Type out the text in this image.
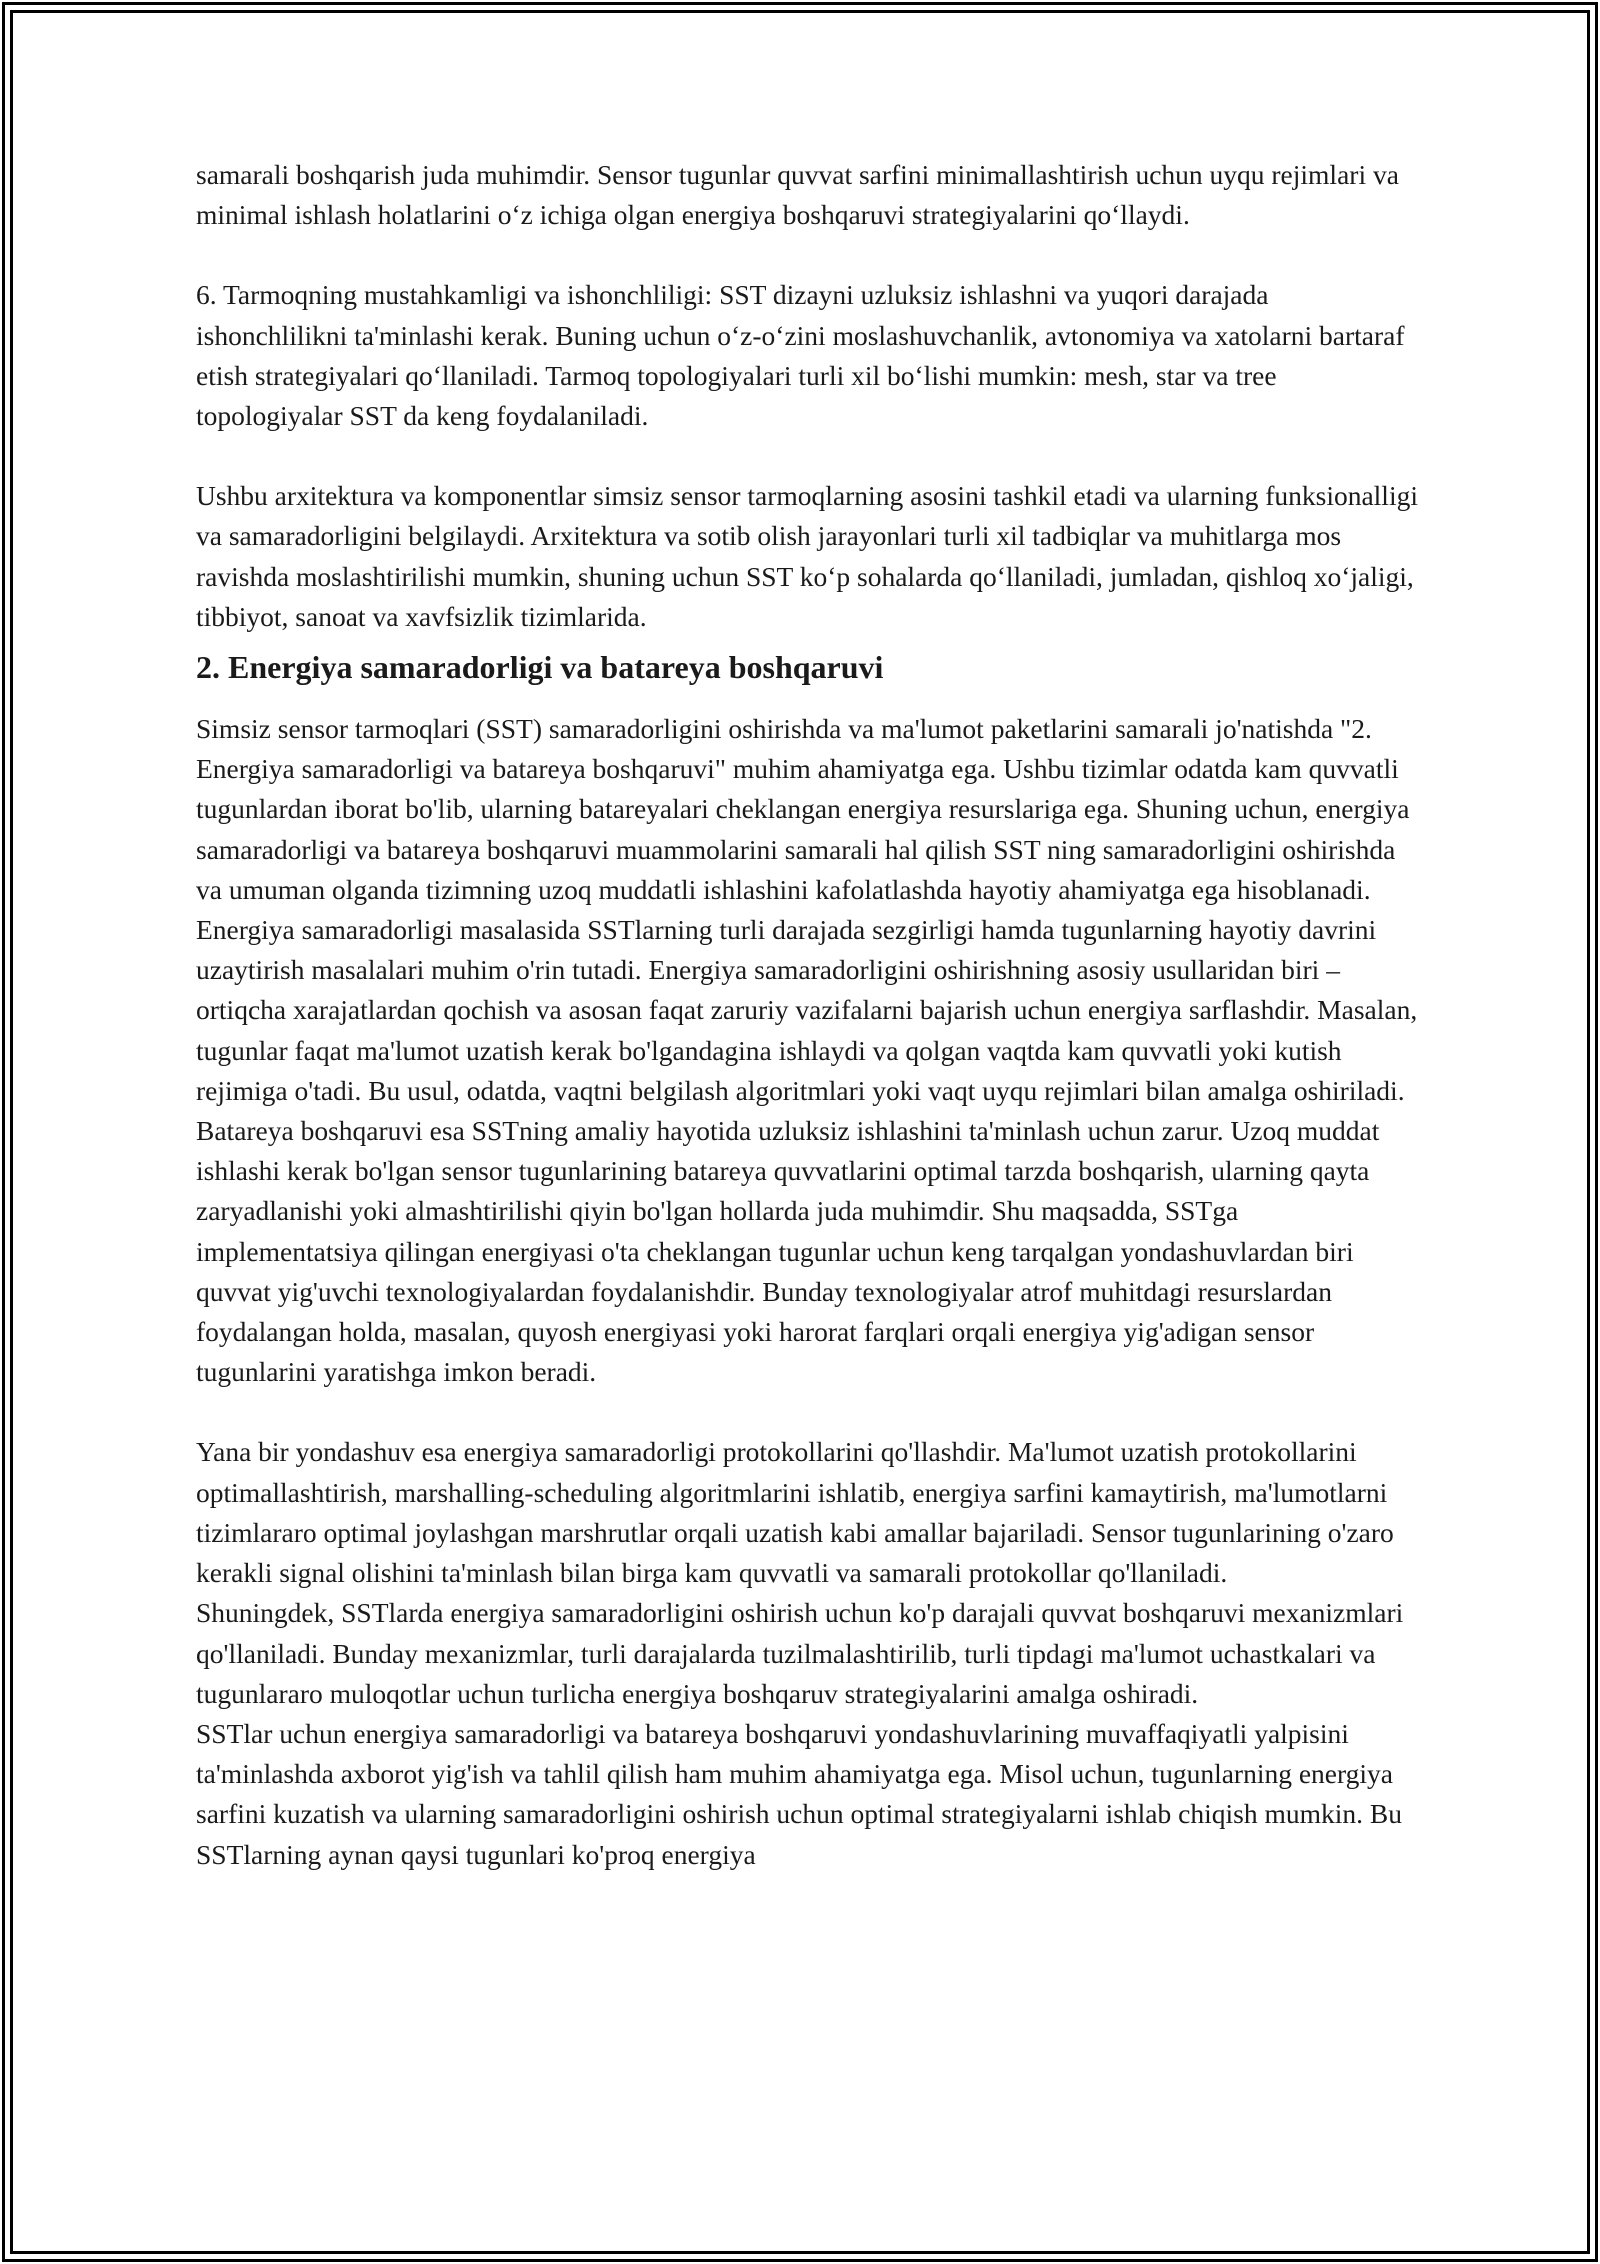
samarali boshqarish juda muhimdir. Sensor tugunlar quvvat sarfini minimallashtirish uchun uyqu rejimlari va minimal ishlash holatlarini o‘z ichiga olgan energiya boshqaruvi strategiyalarini qo‘llaydi.

6. Tarmoqning mustahkamligi va ishonchliligi: SST dizayni uzluksiz ishlashni va yuqori darajada ishonchlilikni ta'minlashi kerak. Buning uchun o‘z-o‘zini moslashuvchanlik, avtonomiya va xatolarni bartaraf etish strategiyalari qo‘llaniladi. Tarmoq topologiyalari turli xil bo‘lishi mumkin: mesh, star va tree topologiyalar SST da keng foydalaniladi.

Ushbu arxitektura va komponentlar simsiz sensor tarmoqlarning asosini tashkil etadi va ularning funksionalligi va samaradorligini belgilaydi. Arxitektura va sotib olish jarayonlari turli xil tadbiqlar va muhitlarga mos ravishda moslashtirilishi mumkin, shuning uchun SST ko‘p sohalarda qo‘llaniladi, jumladan, qishloq xo‘jaligi, tibbiyot, sanoat va xavfsizlik tizimlarida.

2. Energiya samaradorligi va batareya boshqaruvi

Simsiz sensor tarmoqlari (SST) samaradorligini oshirishda va ma'lumot paketlarini samarali jo'natishda "2. Energiya samaradorligi va batareya boshqaruvi" muhim ahamiyatga ega. Ushbu tizimlar odatda kam quvvatli tugunlardan iborat bo'lib, ularning batareyalari cheklangan energiya resurslariga ega. Shuning uchun, energiya samaradorligi va batareya boshqaruvi muammolarini samarali hal qilish SST ning samaradorligini oshirishda va umuman olganda tizimning uzoq muddatli ishlashini kafolatlashda hayotiy ahamiyatga ega hisoblanadi.

Energiya samaradorligi masalasida SSTlarning turli darajada sezgirligi hamda tugunlarning hayotiy davrini uzaytirish masalalari muhim o'rin tutadi. Energiya samaradorligini oshirishning asosiy usullaridan biri – ortiqcha xarajatlardan qochish va asosan faqat zaruriy vazifalarni bajarish uchun energiya sarflashdir. Masalan, tugunlar faqat ma'lumot uzatish kerak bo'lgandagina ishlaydi va qolgan vaqtda kam quvvatli yoki kutish rejimiga o'tadi. Bu usul, odatda, vaqtni belgilash algoritmlari yoki vaqt uyqu rejimlari bilan amalga oshiriladi.

Batareya boshqaruvi esa SSTning amaliy hayotida uzluksiz ishlashini ta'minlash uchun zarur. Uzoq muddat ishlashi kerak bo'lgan sensor tugunlarining batareya quvvatlarini optimal tarzda boshqarish, ularning qayta zaryadlanishi yoki almashtirilishi qiyin bo'lgan hollarda juda muhimdir. Shu maqsadda, SSTga implementatsiya qilingan energiyasi o'ta cheklangan tugunlar uchun keng tarqalgan yondashuvlardan biri quvvat yig'uvchi texnologiyalardan foydalanishdir. Bunday texnologiyalar atrof muhitdagi resurslardan foydalangan holda, masalan, quyosh energiyasi yoki harorat farqlari orqali energiya yig'adigan sensor tugunlarini yaratishga imkon beradi.

Yana bir yondashuv esa energiya samaradorligi protokollarini qo'llashdir. Ma'lumot uzatish protokollarini optimallashtirish, marshalling-scheduling algoritmlarini ishlatib, energiya sarfini kamaytirish, ma'lumotlarni tizimlararo optimal joylashgan marshrutlar orqali uzatish kabi amallar bajariladi. Sensor tugunlarining o'zaro kerakli signal olishini ta'minlash bilan birga kam quvvatli va samarali protokollar qo'llaniladi.

Shuningdek, SSTlarda energiya samaradorligini oshirish uchun ko'p darajali quvvat boshqaruvi mexanizmlari qo'llaniladi. Bunday mexanizmlar, turli darajalarda tuzilmalashtirilib, turli tipdagi ma'lumot uchastkalari va tugunlararo muloqotlar uchun turlicha energiya boshqaruv strategiyalarini amalga oshiradi.

SSTlar uchun energiya samaradorligi va batareya boshqaruvi yondashuvlarining muvaffaqiyatli yalpisini ta'minlashda axborot yig'ish va tahlil qilish ham muhim ahamiyatga ega. Misol uchun, tugunlarning energiya sarfini kuzatish va ularning samaradorligini oshirish uchun optimal strategiyalarni ishlab chiqish mumkin. Bu SSTlarning aynan qaysi tugunlari ko'proq energiya
